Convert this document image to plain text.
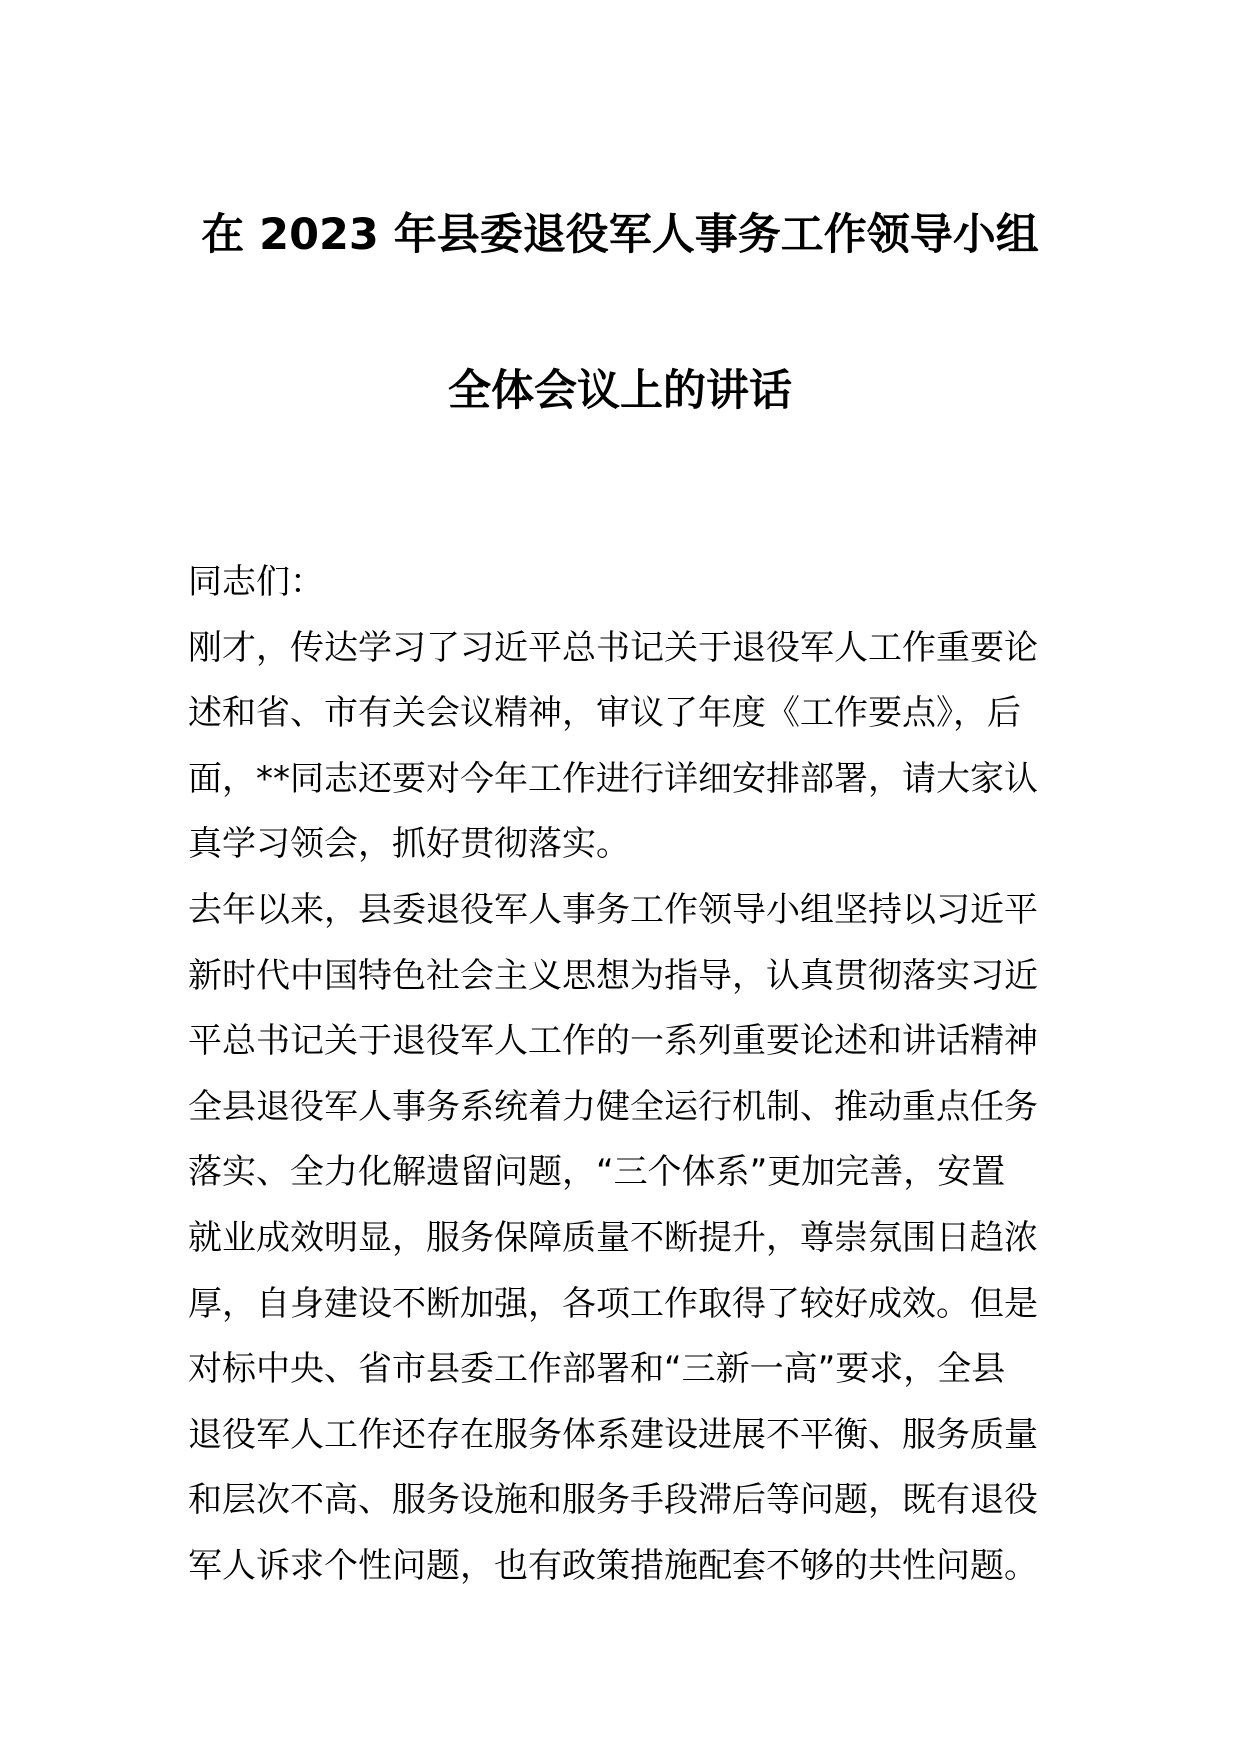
在 2023 年县委退役军人事务工作领导小组
全体会议上的讲话
同志们：
刚才，传达学习了习近平总书记关于退役军人工作重要论
述和省、市有关会议精神，审议了年度《工作要点》，后
面，**同志还要对今年工作进行详细安排部署，请大家认
真学习领会，抓好贯彻落实。
去年以来，县委退役军人事务工作领导小组坚持以习近平
新时代中国特色社会主义思想为指导，认真贯彻落实习近
平总书记关于退役军人工作的一系列重要论述和讲话精神
全县退役军人事务系统着力健全运行机制、推动重点任务
落实、全力化解遗留问题，“三个体系”更加完善，安置
就业成效明显，服务保障质量不断提升，尊崇氛围日趋浓
厚，自身建设不断加强，各项工作取得了较好成效。但是
对标中央、省市县委工作部署和“三新一高”要求，全县
退役军人工作还存在服务体系建设进展不平衡、服务质量
和层次不高、服务设施和服务手段滞后等问题，既有退役
军人诉求个性问题，也有政策措施配套不够的共性问题。
